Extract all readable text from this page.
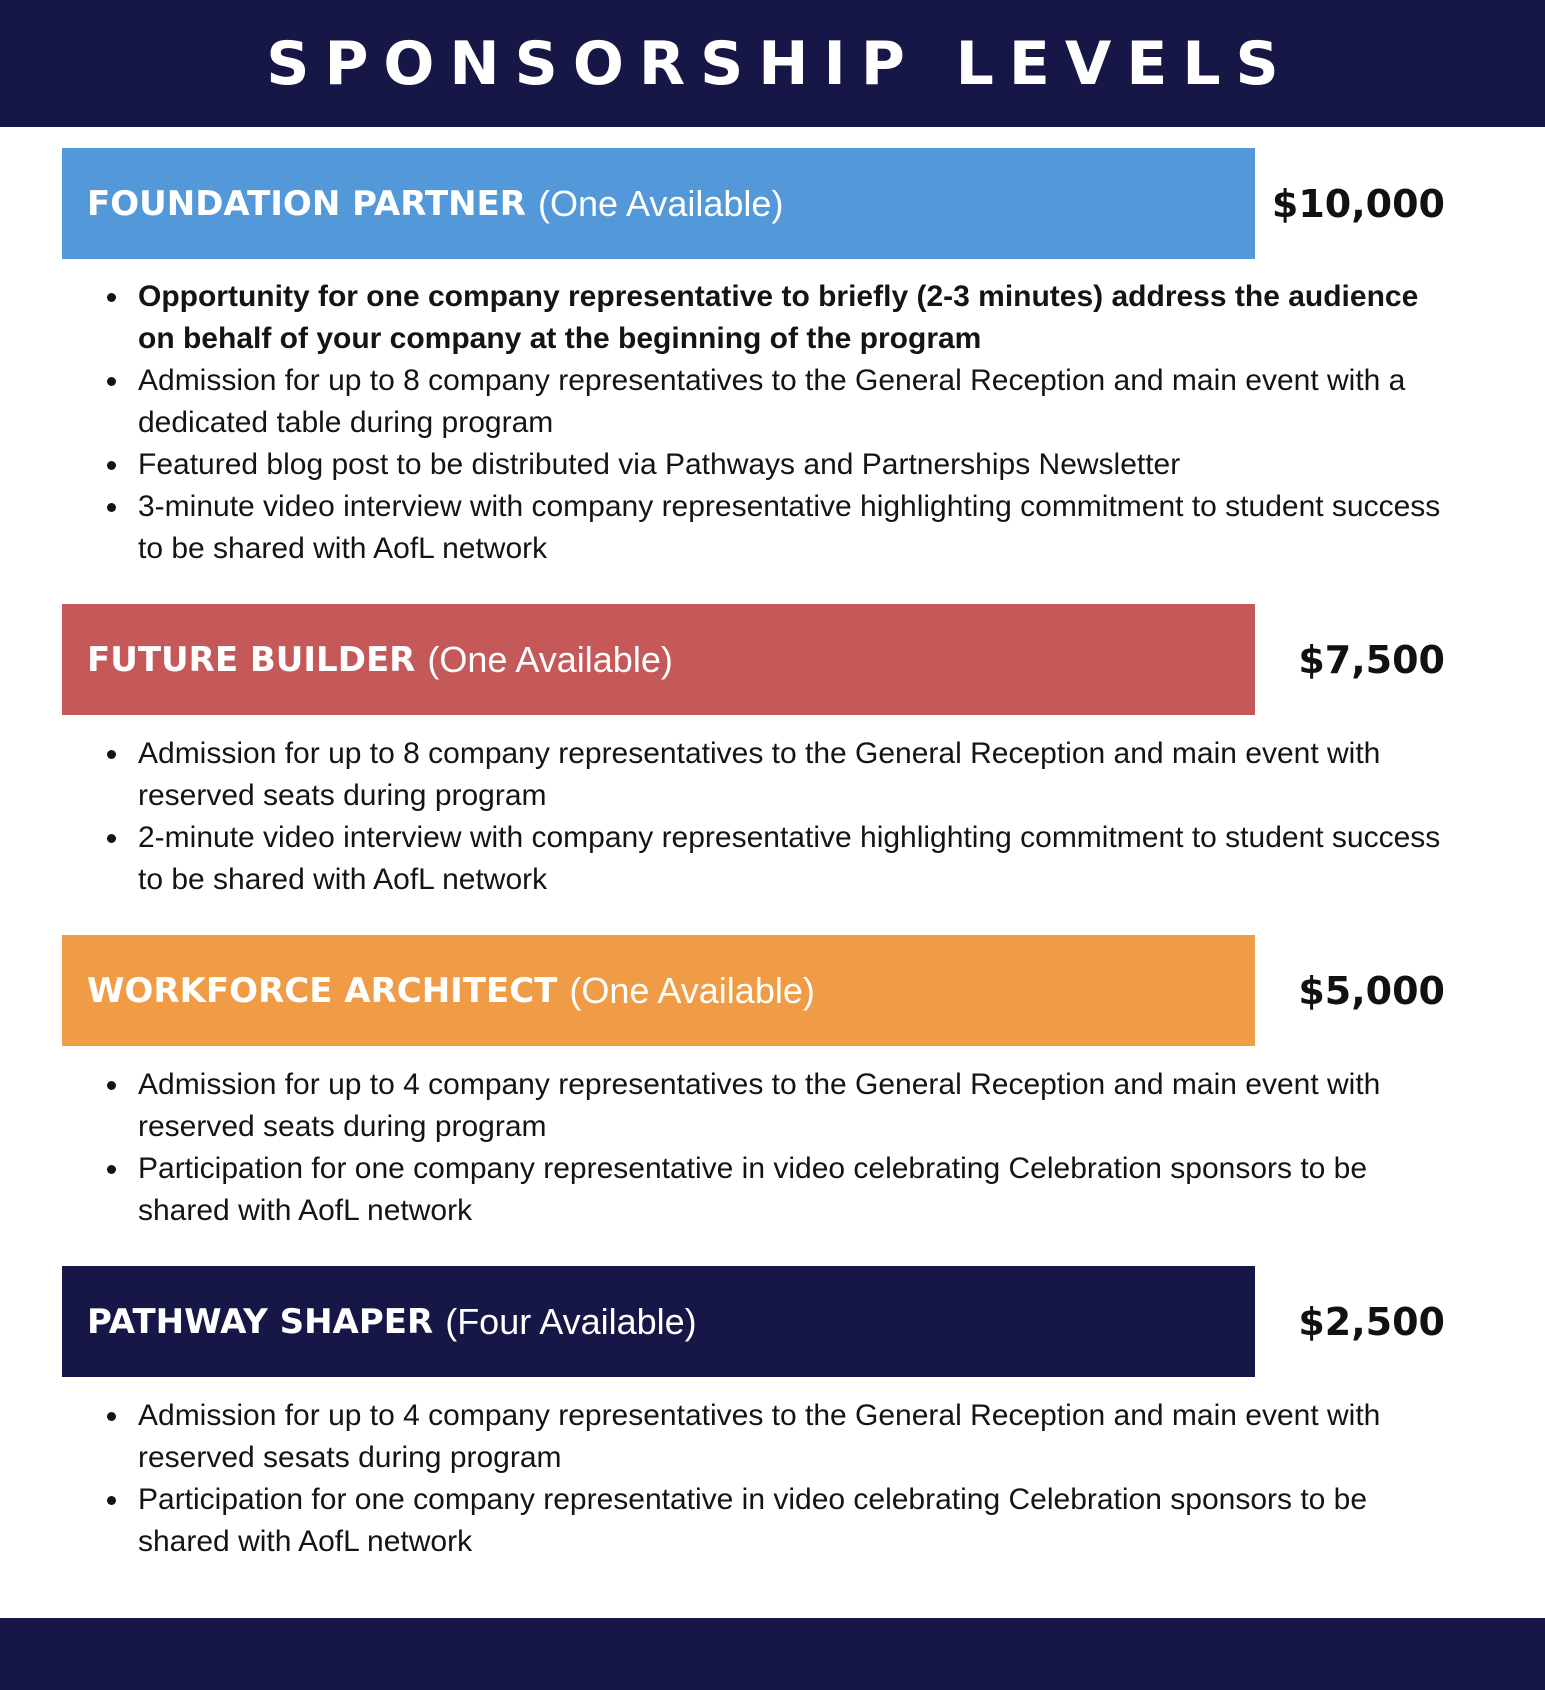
SPONSORSHIP LEVELS
FOUNDATION PARTNER (One Available)	$10,000
Opportunity for one company representative to briefly (2-3 minutes) address the audience on behalf of your company at the beginning of the program
Admission for up to 8 company representatives to the General Reception and main event with a dedicated table during program
Featured blog post to be distributed via Pathways and Partnerships Newsletter
3-minute video interview with company representative highlighting commitment to student success to be shared with AofL network
FUTURE BUILDER (One Available)	$7,500
Admission for up to 8 company representatives to the General Reception and main event with reserved seats during program
2-minute video interview with company representative highlighting commitment to student success to be shared with AofL network
WORKFORCE ARCHITECT (One Available)	$5,000
Admission for up to 4 company representatives to the General Reception and main event with reserved seats during program
Participation for one company representative in video celebrating Celebration sponsors to be shared with AofL network
PATHWAY SHAPER (Four Available)	$2,500
Admission for up to 4 company representatives to the General Reception and main event with reserved sesats during program
Participation for one company representative in video celebrating Celebration sponsors to be shared with AofL network
